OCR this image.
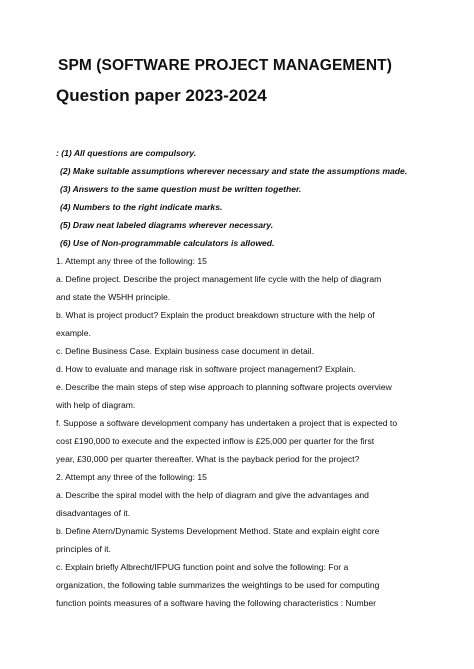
SPM (SOFTWARE PROJECT MANAGEMENT)
Question paper 2023-2024
: (1) All questions are compulsory.
(2) Make suitable assumptions wherever necessary and state the assumptions made.
(3) Answers to the same question must be written together.
(4) Numbers to the right indicate marks.
(5) Draw neat labeled diagrams wherever necessary.
(6) Use of Non-programmable calculators is allowed.
1. Attempt any three of the following: 15
a. Define project. Describe the project management life cycle with the help of diagram
and state the W5HH principle.
b. What is project product? Explain the product breakdown structure with the help of
example.
c. Define Business Case. Explain business case document in detail.
d. How to evaluate and manage risk in software project management? Explain.
e. Describe the main steps of step wise approach to planning software projects overview
with help of diagram.
f. Suppose a software development company has undertaken a project that is expected to
cost £190,000 to execute and the expected inflow is £25,000 per quarter for the first
year, £30,000 per quarter thereafter. What is the payback period for the project?
2. Attempt any three of the following: 15
a. Describe the spiral model with the help of diagram and give the advantages and
disadvantages of it.
b. Define Atern/Dynamic Systems Development Method. State and explain eight core
principles of it.
c. Explain briefly Albrecht/IFPUG function point and solve the following: For a
organization, the following table summarizes the weightings to be used for computing
function points measures of a software having the following characteristics : Number
